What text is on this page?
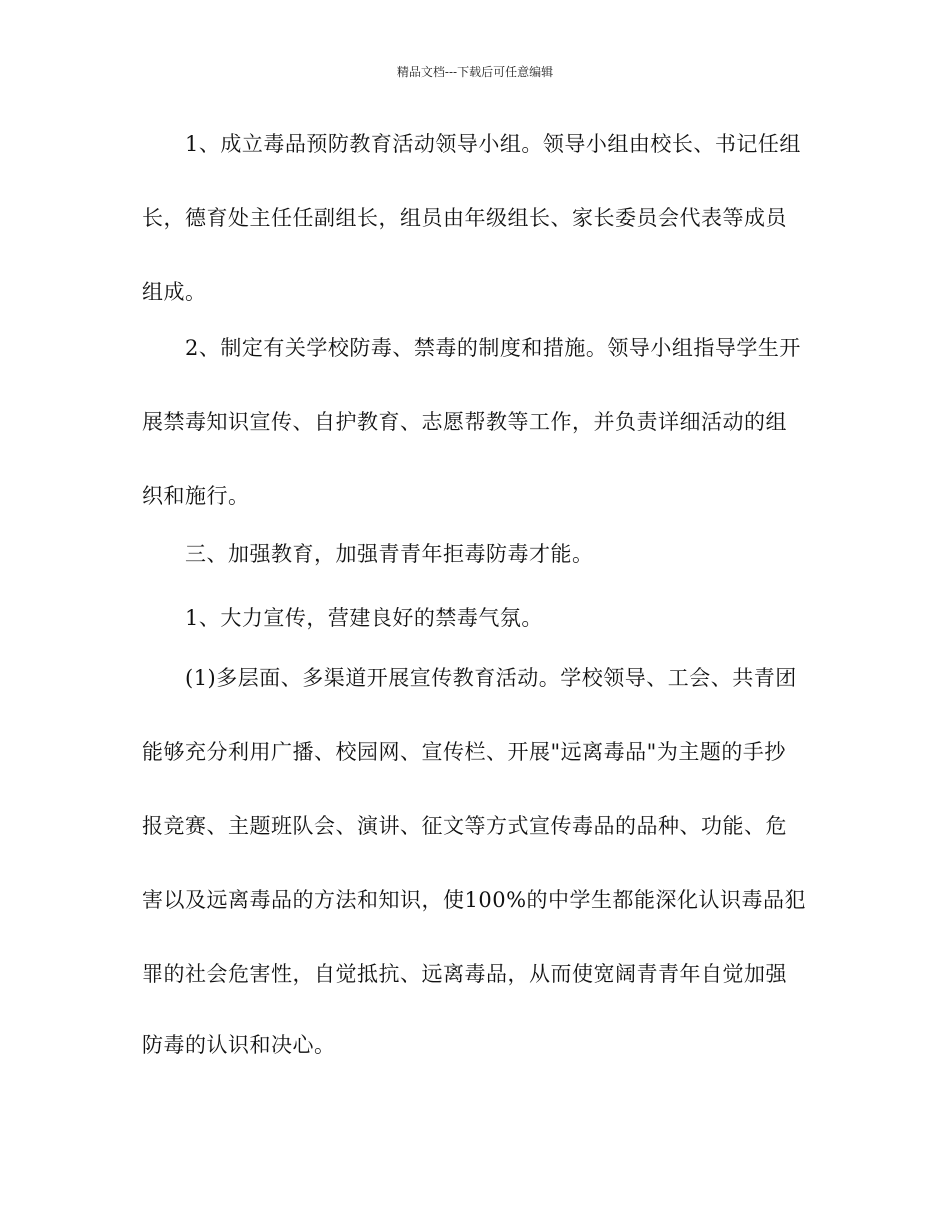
精品文档---下载后可任意编辑
1、成立毒品预防教育活动领导小组。领导小组由校长、书记任组
长，德育处主任任副组长，组员由年级组长、家长委员会代表等成员
组成。
2、制定有关学校防毒、禁毒的制度和措施。领导小组指导学生开
展禁毒知识宣传、自护教育、志愿帮教等工作，并负责详细活动的组
织和施行。
三、加强教育，加强青青年拒毒防毒才能。
1、大力宣传，营建良好的禁毒气氛。
(1)多层面、多渠道开展宣传教育活动。学校领导、工会、共青团
能够充分利用广播、校园网、宣传栏、开展"远离毒品"为主题的手抄
报竞赛、主题班队会、演讲、征文等方式宣传毒品的品种、功能、危
害以及远离毒品的方法和知识，使100%的中学生都能深化认识毒品犯
罪的社会危害性，自觉抵抗、远离毒品，从而使宽阔青青年自觉加强
防毒的认识和决心。
